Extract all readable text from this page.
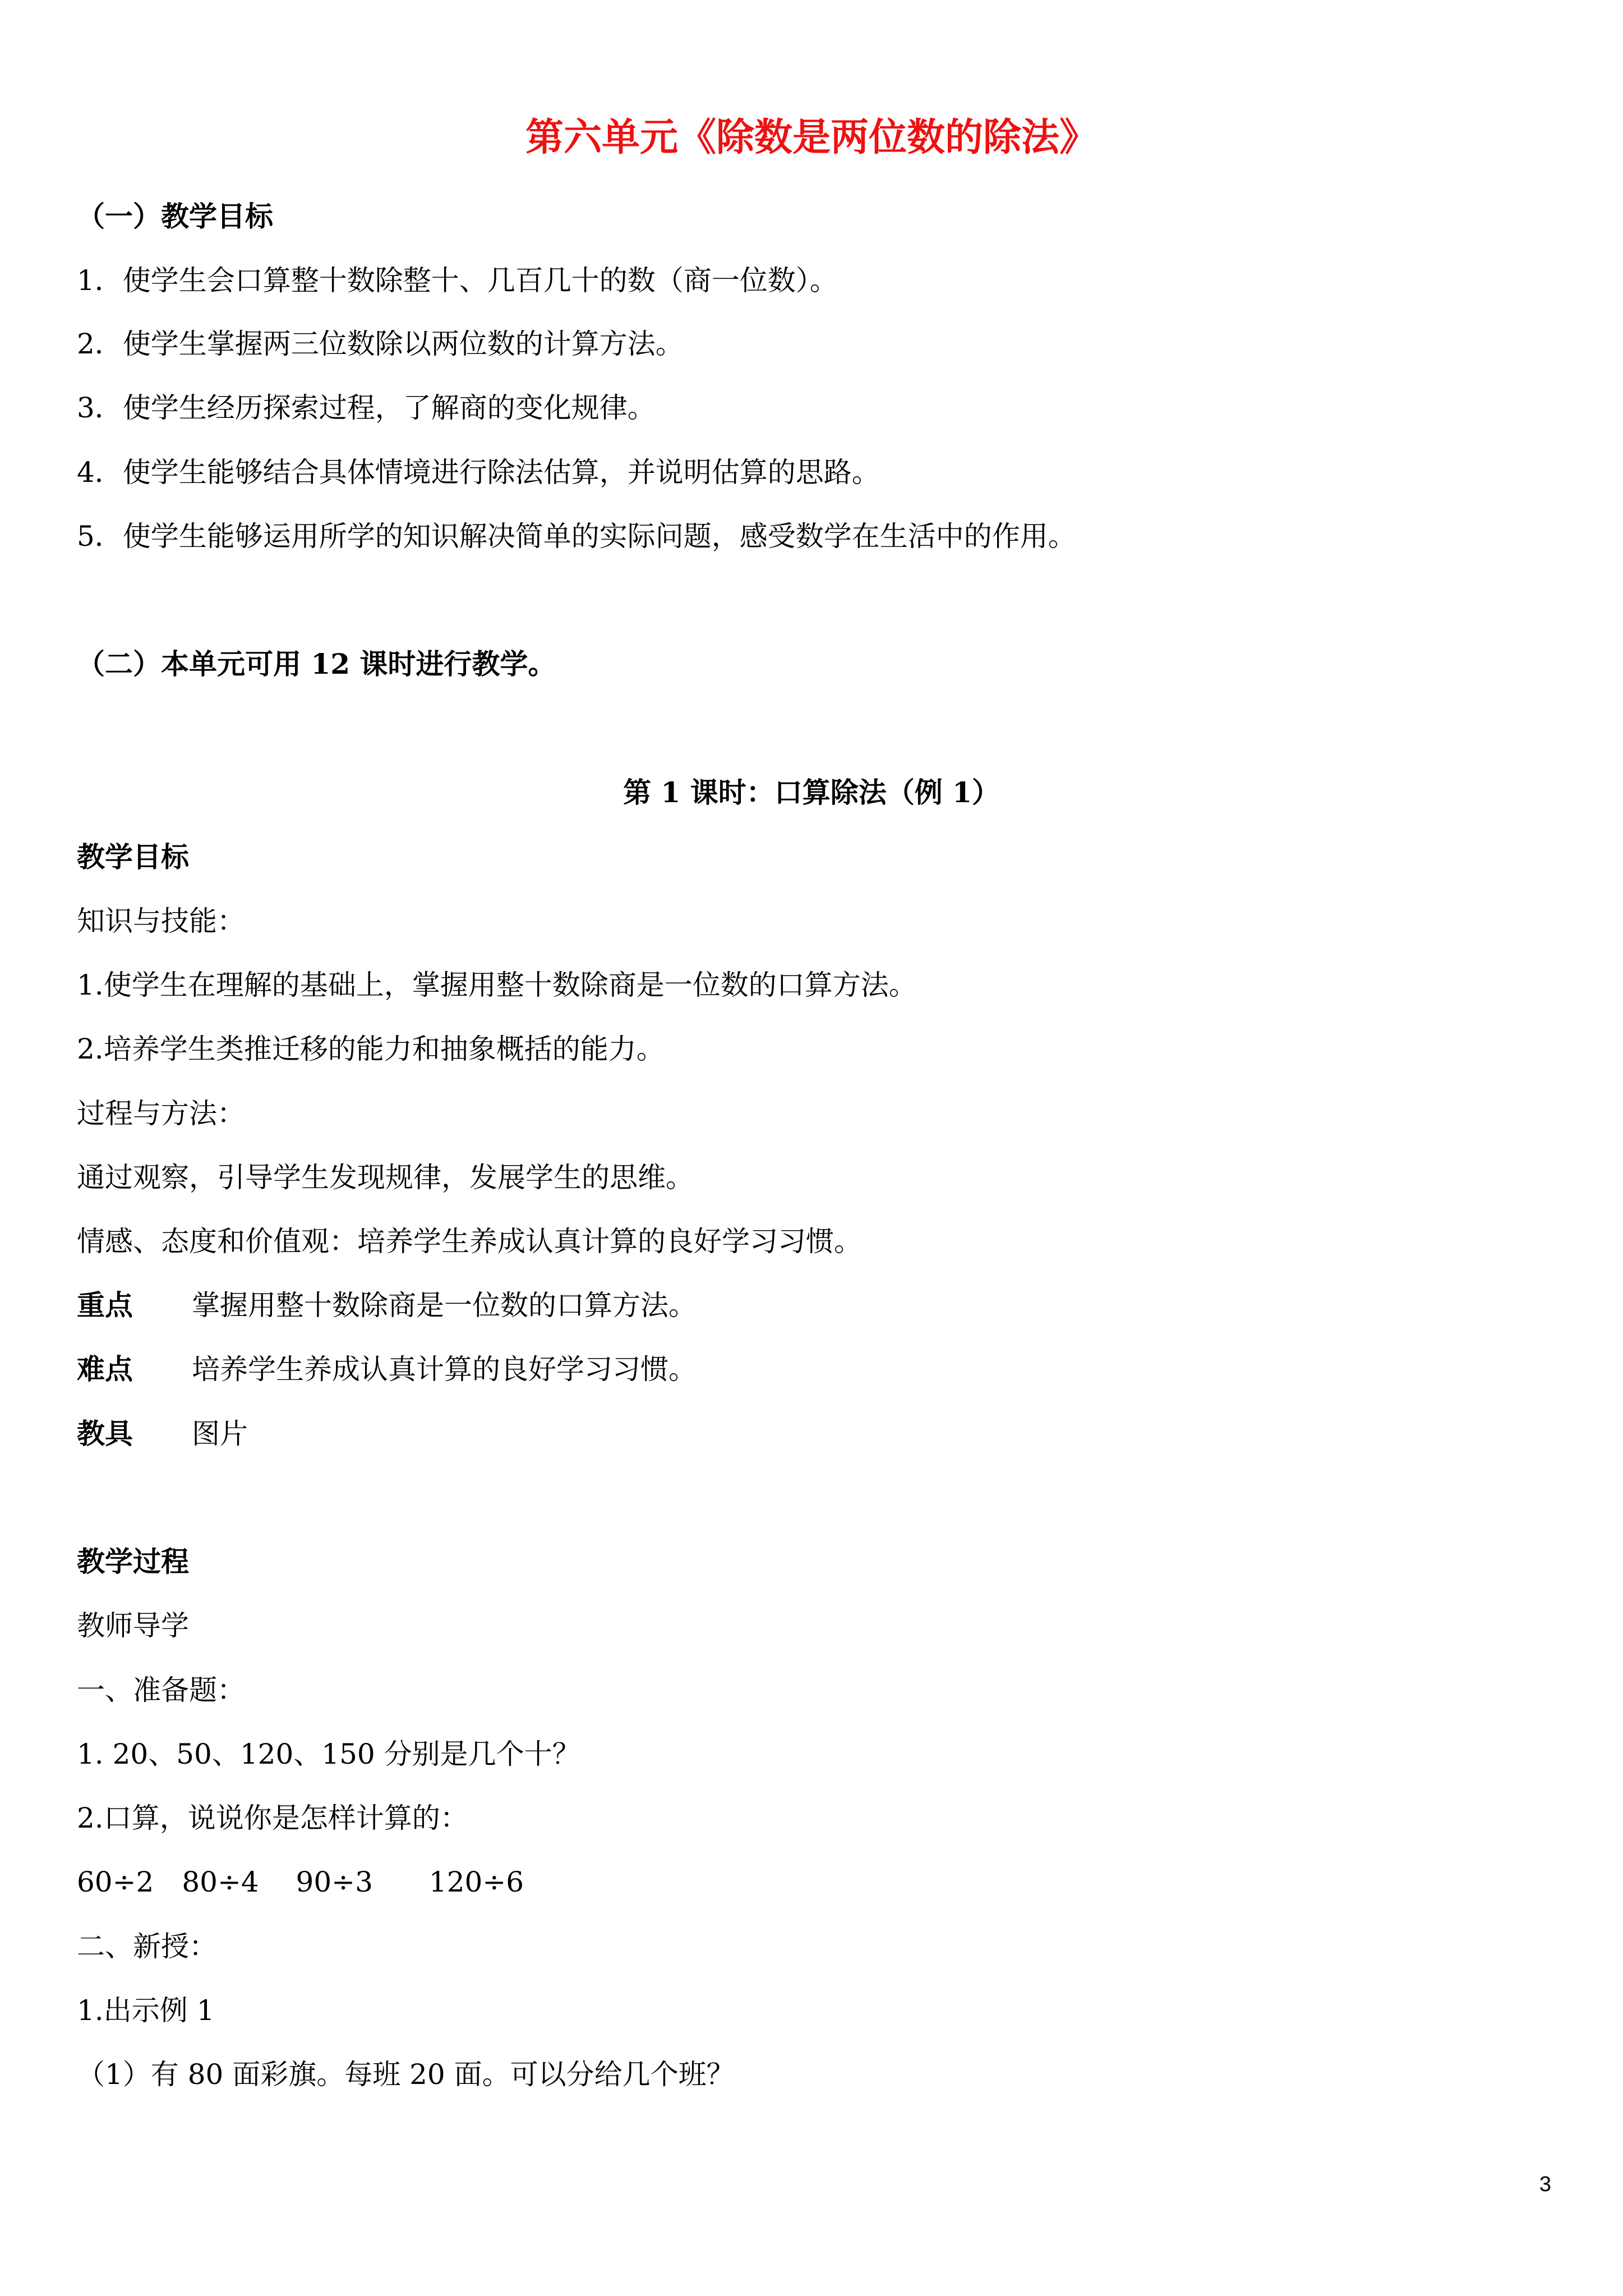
第六单元《除数是两位数的除法》
（一）教学目标
1．使学生会口算整十数除整十、几百几十的数（商一位数）。
2．使学生掌握两三位数除以两位数的计算方法。
3．使学生经历探索过程，了解商的变化规律。
4．使学生能够结合具体情境进行除法估算，并说明估算的思路。
5．使学生能够运用所学的知识解决简单的实际问题，感受数学在生活中的作用。
（二）本单元可用 12 课时进行教学。
第 1 课时：口算除法（例 1）
教学目标
知识与技能：
1.使学生在理解的基础上，掌握用整十数除商是一位数的口算方法。
2.培养学生类推迁移的能力和抽象概括的能力。
过程与方法：
通过观察，引导学生发现规律，发展学生的思维。
情感、态度和价值观：培养学生养成认真计算的良好学习习惯。
重点 掌握用整十数除商是一位数的口算方法。
难点 培养学生养成认真计算的良好学习习惯。
教具 图片
教学过程
教师导学
一、准备题：
1. 20、50、120、150 分别是几个十？
2.口算，说说你是怎样计算的：
60÷2　80÷4　 90÷3　　120÷6
二、新授：
1.出示例 1
（1）有 80 面彩旗。每班 20 面。可以分给几个班？
3
